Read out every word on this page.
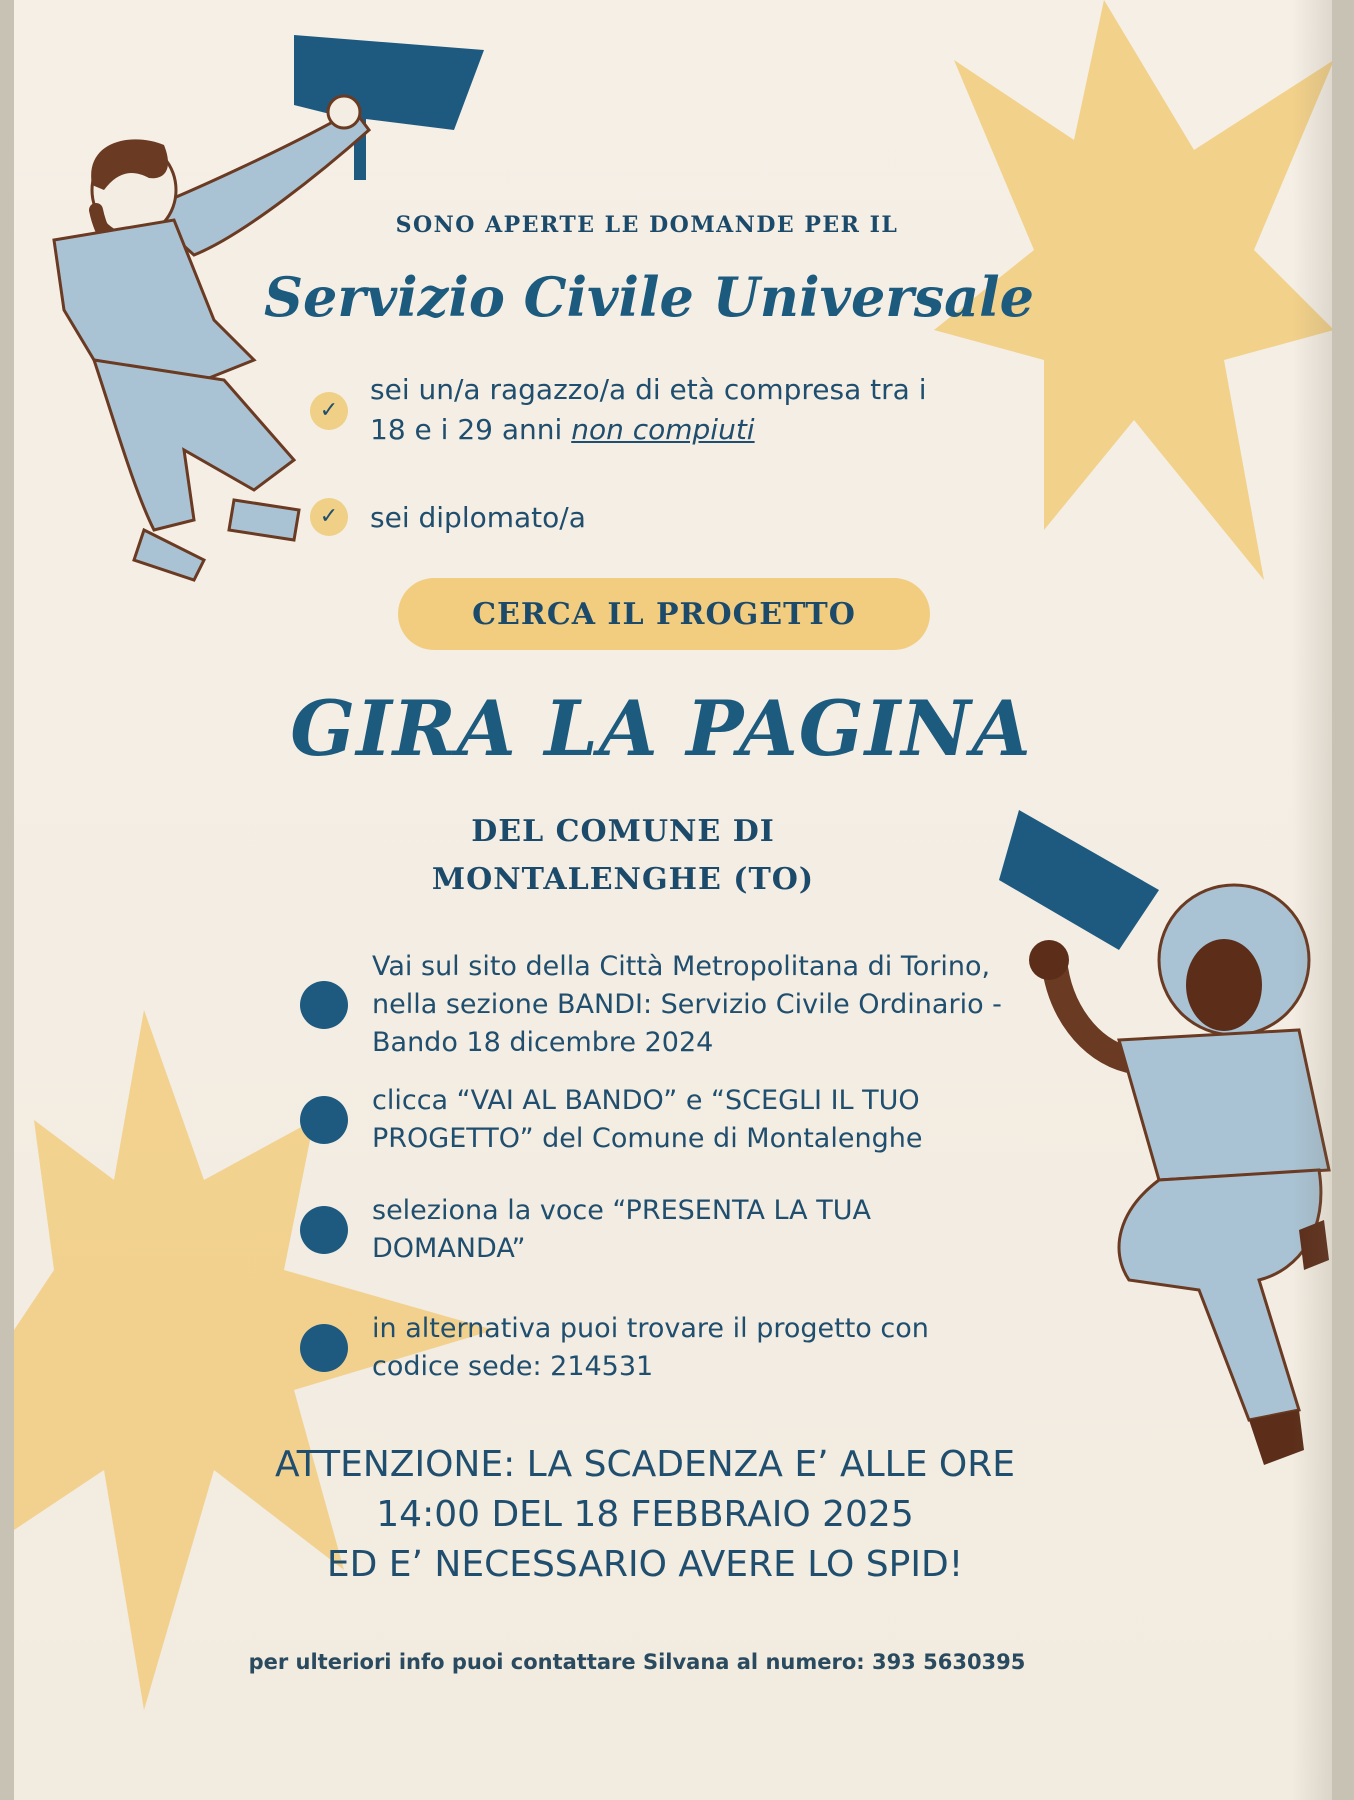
SONO APERTE LE DOMANDE PER IL
Servizio Civile Universale
✓
sei un/a ragazzo/a di età compresa tra i
18 e i 29 anni non compiuti
✓	sei diplomato/a
CERCA IL PROGETTO
GIRA LA PAGINA
DEL COMUNE DI
MONTALENGHE (TO)
Vai sul sito della Città Metropolitana di Torino,
nella sezione BANDI: Servizio Civile Ordinario -
Bando 18 dicembre 2024
clicca “VAI AL BANDO” e “SCEGLI IL TUO
PROGETTO” del Comune di Montalenghe
seleziona la voce “PRESENTA LA TUA
DOMANDA”
in alternativa puoi trovare il progetto con
codice sede: 214531
ATTENZIONE: LA SCADENZA E’ ALLE ORE
14:00 DEL 18 FEBBRAIO 2025
ED E’ NECESSARIO AVERE LO SPID!
per ulteriori info puoi contattare Silvana al numero: 393 5630395
